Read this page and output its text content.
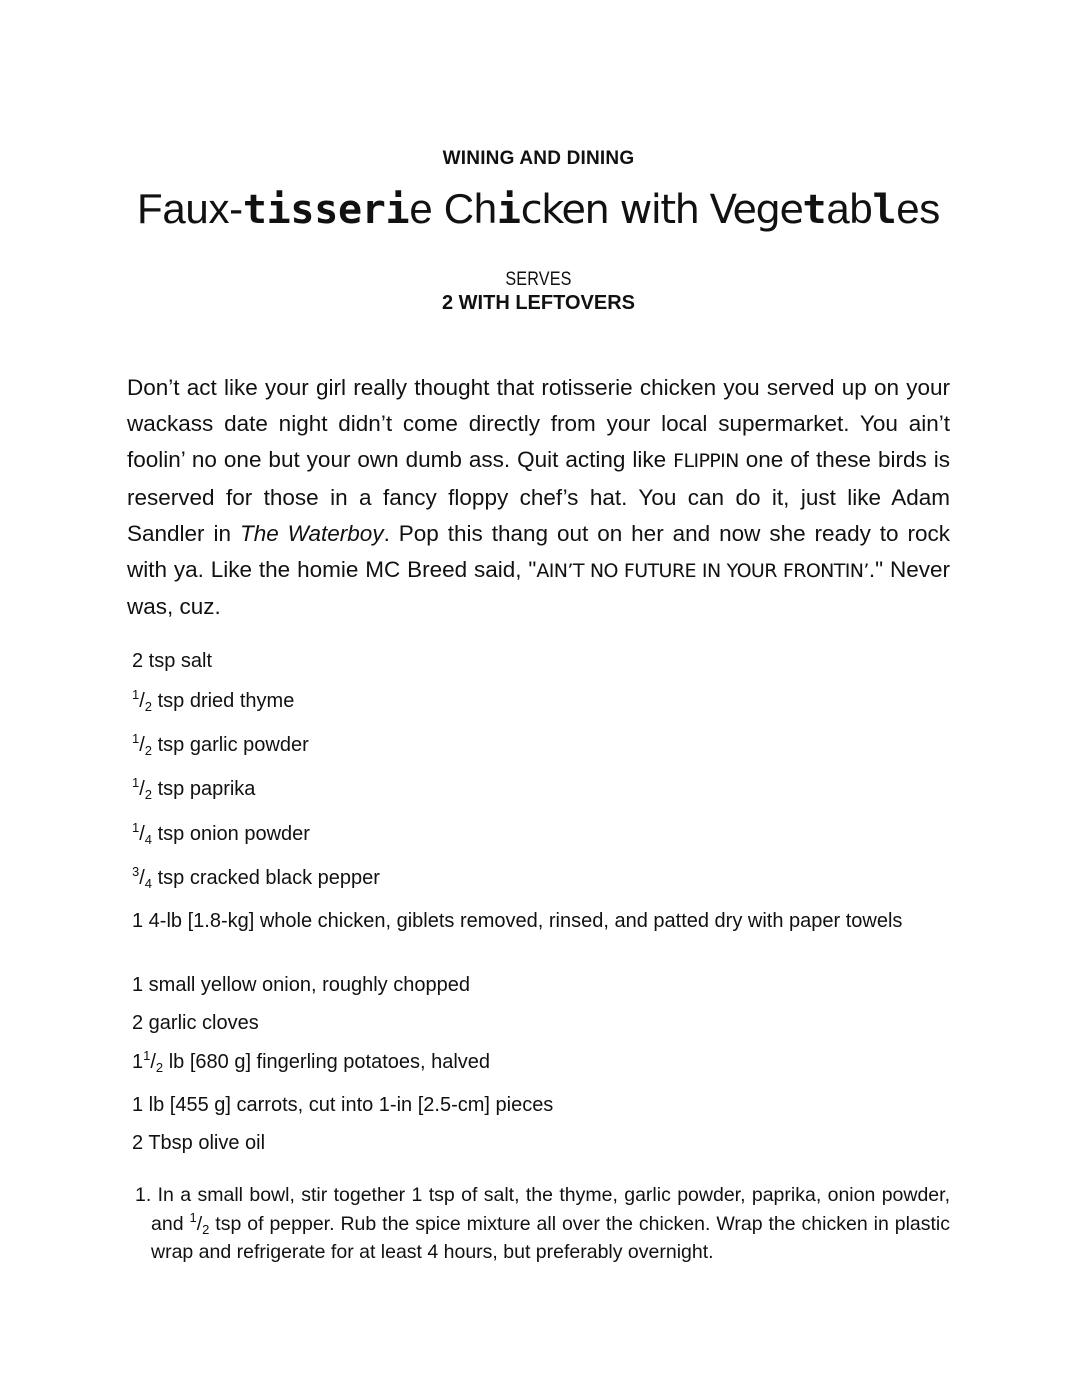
WINING AND DINING
Faux-tisserie Chicken with Vegetables
SERVES
2 WITH LEFTOVERS

Don’t act like your girl really thought that rotisserie chicken you served up on your wackass date night didn’t come directly from your local supermarket. You ain’t foolin’ no one but your own dumb ass. Quit acting like FLIPPIN one of these birds is reserved for those in a fancy floppy chef’s hat. You can do it, just like Adam Sandler in The Waterboy. Pop this thang out on her and now she ready to rock with ya. Like the homie MC Breed said, "AIN’T NO FUTURE IN YOUR FRONTIN’." Never was, cuz.

2 tsp salt
$^1/_2$ tsp dried thyme
$^1/_2$ tsp garlic powder
$^1/_2$ tsp paprika
$^1/_4$ tsp onion powder
$^3/_4$ tsp cracked black pepper
1 4-lb [1.8-kg] whole chicken, giblets removed, rinsed, and patted dry with paper towels
1 small yellow onion, roughly chopped
2 garlic cloves
$1^1/_2$ lb [680 g] fingerling potatoes, halved
1 lb [455 g] carrots, cut into 1-in [2.5-cm] pieces
2 Tbsp olive oil
1. In a small bowl, stir together 1 tsp of salt, the thyme, garlic powder, paprika, onion powder, and $^1/_2$ tsp of pepper. Rub the spice mixture all over the chicken. Wrap the chicken in plastic wrap and refrigerate for at least 4 hours, but preferably overnight.
